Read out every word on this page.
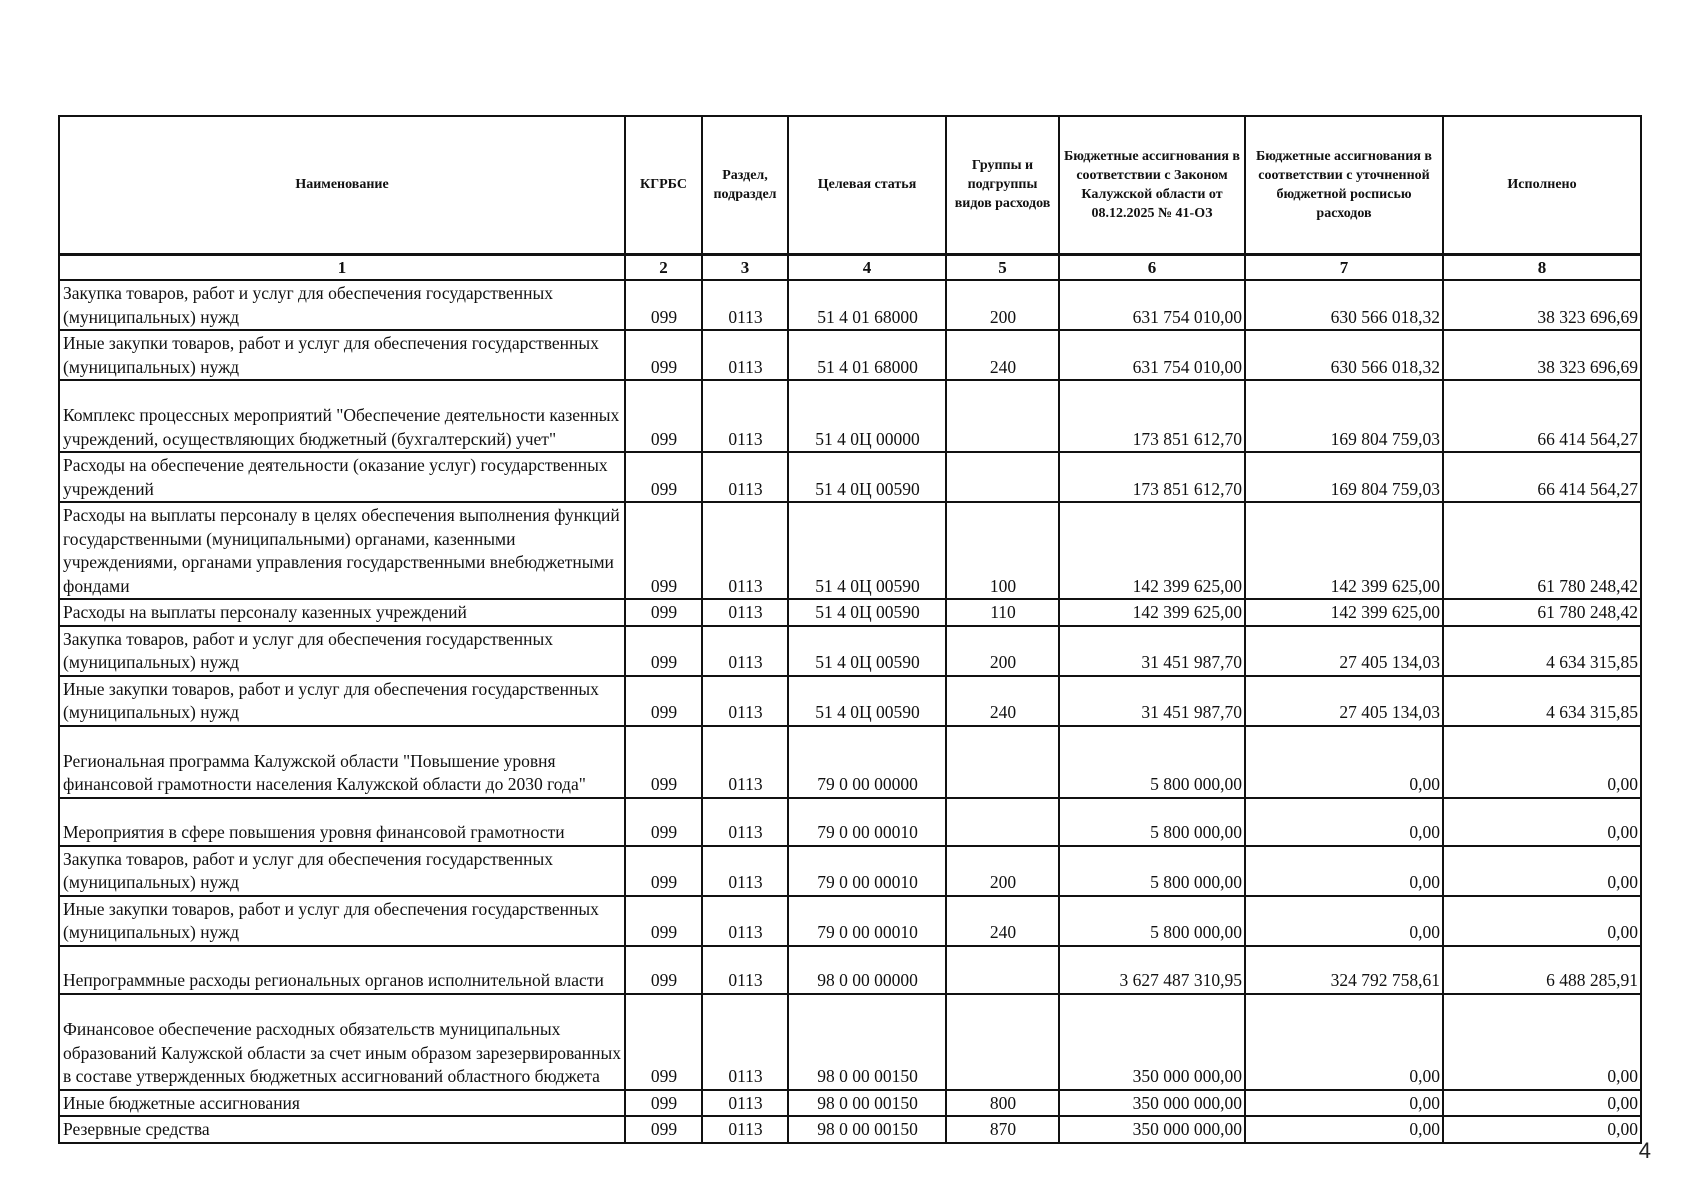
Наименование	КГРБС	Раздел, подраздел	Целевая статья	Группы и подгруппы видов расходов	Бюджетные ассигнования в соответствии с Законом Калужской области от 08.12.2025 № 41-ОЗ	Бюджетные ассигнования в соответствии с уточненной бюджетной росписью расходов	Исполнено
1	2	3	4	5	6	7	8
Закупка товаров, работ и услуг для обеспечения государственных (муниципальных) нужд	099	0113	51 4 01 68000	200	631 754 010,00	630 566 018,32	38 323 696,69
Иные закупки товаров, работ и услуг для обеспечения государственных (муниципальных) нужд	099	0113	51 4 01 68000	240	631 754 010,00	630 566 018,32	38 323 696,69
Комплекс процессных мероприятий "Обеспечение деятельности казенных учреждений, осуществляющих бюджетный (бухгалтерский) учет"	099	0113	51 4 0Ц 00000		173 851 612,70	169 804 759,03	66 414 564,27
Расходы на обеспечение деятельности (оказание услуг) государственных учреждений	099	0113	51 4 0Ц 00590		173 851 612,70	169 804 759,03	66 414 564,27
Расходы на выплаты персоналу в целях обеспечения выполнения функций государственными (муниципальными) органами, казенными учреждениями, органами управления государственными внебюджетными фондами	099	0113	51 4 0Ц 00590	100	142 399 625,00	142 399 625,00	61 780 248,42
Расходы на выплаты персоналу казенных учреждений	099	0113	51 4 0Ц 00590	110	142 399 625,00	142 399 625,00	61 780 248,42
Закупка товаров, работ и услуг для обеспечения государственных (муниципальных) нужд	099	0113	51 4 0Ц 00590	200	31 451 987,70	27 405 134,03	4 634 315,85
Иные закупки товаров, работ и услуг для обеспечения государственных (муниципальных) нужд	099	0113	51 4 0Ц 00590	240	31 451 987,70	27 405 134,03	4 634 315,85
Региональная программа Калужской области "Повышение уровня финансовой грамотности населения Калужской области до 2030 года"	099	0113	79 0 00 00000		5 800 000,00	0,00	0,00
Мероприятия в сфере повышения уровня финансовой грамотности	099	0113	79 0 00 00010		5 800 000,00	0,00	0,00
Закупка товаров, работ и услуг для обеспечения государственных (муниципальных) нужд	099	0113	79 0 00 00010	200	5 800 000,00	0,00	0,00
Иные закупки товаров, работ и услуг для обеспечения государственных (муниципальных) нужд	099	0113	79 0 00 00010	240	5 800 000,00	0,00	0,00
Непрограммные расходы региональных органов исполнительной власти	099	0113	98 0 00 00000		3 627 487 310,95	324 792 758,61	6 488 285,91
Финансовое обеспечение расходных обязательств муниципальных образований Калужской области за счет иным образом зарезервированных в составе утвержденных бюджетных ассигнований областного бюджета	099	0113	98 0 00 00150		350 000 000,00	0,00	0,00
Иные бюджетные ассигнования	099	0113	98 0 00 00150	800	350 000 000,00	0,00	0,00
Резервные средства	099	0113	98 0 00 00150	870	350 000 000,00	0,00	0,00
4
